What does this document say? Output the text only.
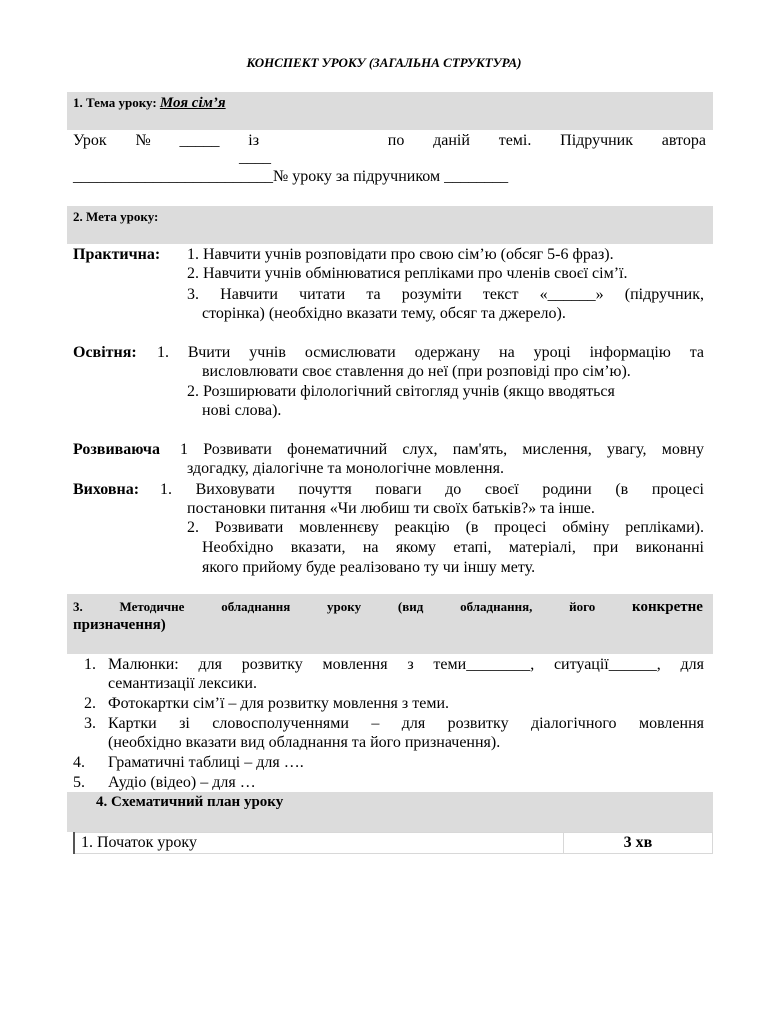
КОНСПЕКТ УРОКУ (ЗАГАЛЬНА СТРУКТУРА)
1. Тема уроку: Моя сім’я
Урок № _____ із	по даній темі. Підручник автора
____
_________________________№ уроку за підручником ________
2. Мета уроку:
Практична: 1. Навчити учнів розповідати про свою сім’ю (обсяг 5-6 фраз).
2. Навчити учнів обмінюватися репліками про членів своєї сім’ї.
3. Навчити читати та розуміти текст «______» (підручник,
сторінка) (необхідно вказати тему, обсяг та джерело).
Освітня: 1. Вчити учнів осмислювати одержану на уроці інформацію та
висловлювати своє ставлення до неї (при розповіді про сім’ю).
2. Розширювати філологічний світогляд учнів (якщо вводяться
нові слова).
Розвиваюча 1 Розвивати фонематичний слух, пам'ять, мислення, увагу, мовну
здогадку, діалогічне та монологічне мовлення.
Виховна: 1. Виховувати почуття поваги до своєї родини (в процесі
постановки питання «Чи любиш ти своїх батьків?» та інше.
2. Розвивати мовленнєву реакцію (в процесі обміну репліками).
Необхідно вказати, на якому етапі, матеріалі, при виконанні
якого прийому буде реалізовано ту чи іншу мету.
3.	Методичне	обладнання	уроку	(вид	обладнання,	його конкретне
призначення)
1. Малюнки: для розвитку мовлення з теми________, ситуації______, для
семантизації лексики.
2. Фотокартки сім’ї – для розвитку мовлення з теми.
3. Картки зі словосполученнями – для розвитку діалогічного мовлення
(необхідно вказати вид обладнання та його призначення).
4. Граматичні таблиці – для ….
5. Аудіо (відео) – для …
4. Схематичний план уроку
1. Початок уроку	3 хв
